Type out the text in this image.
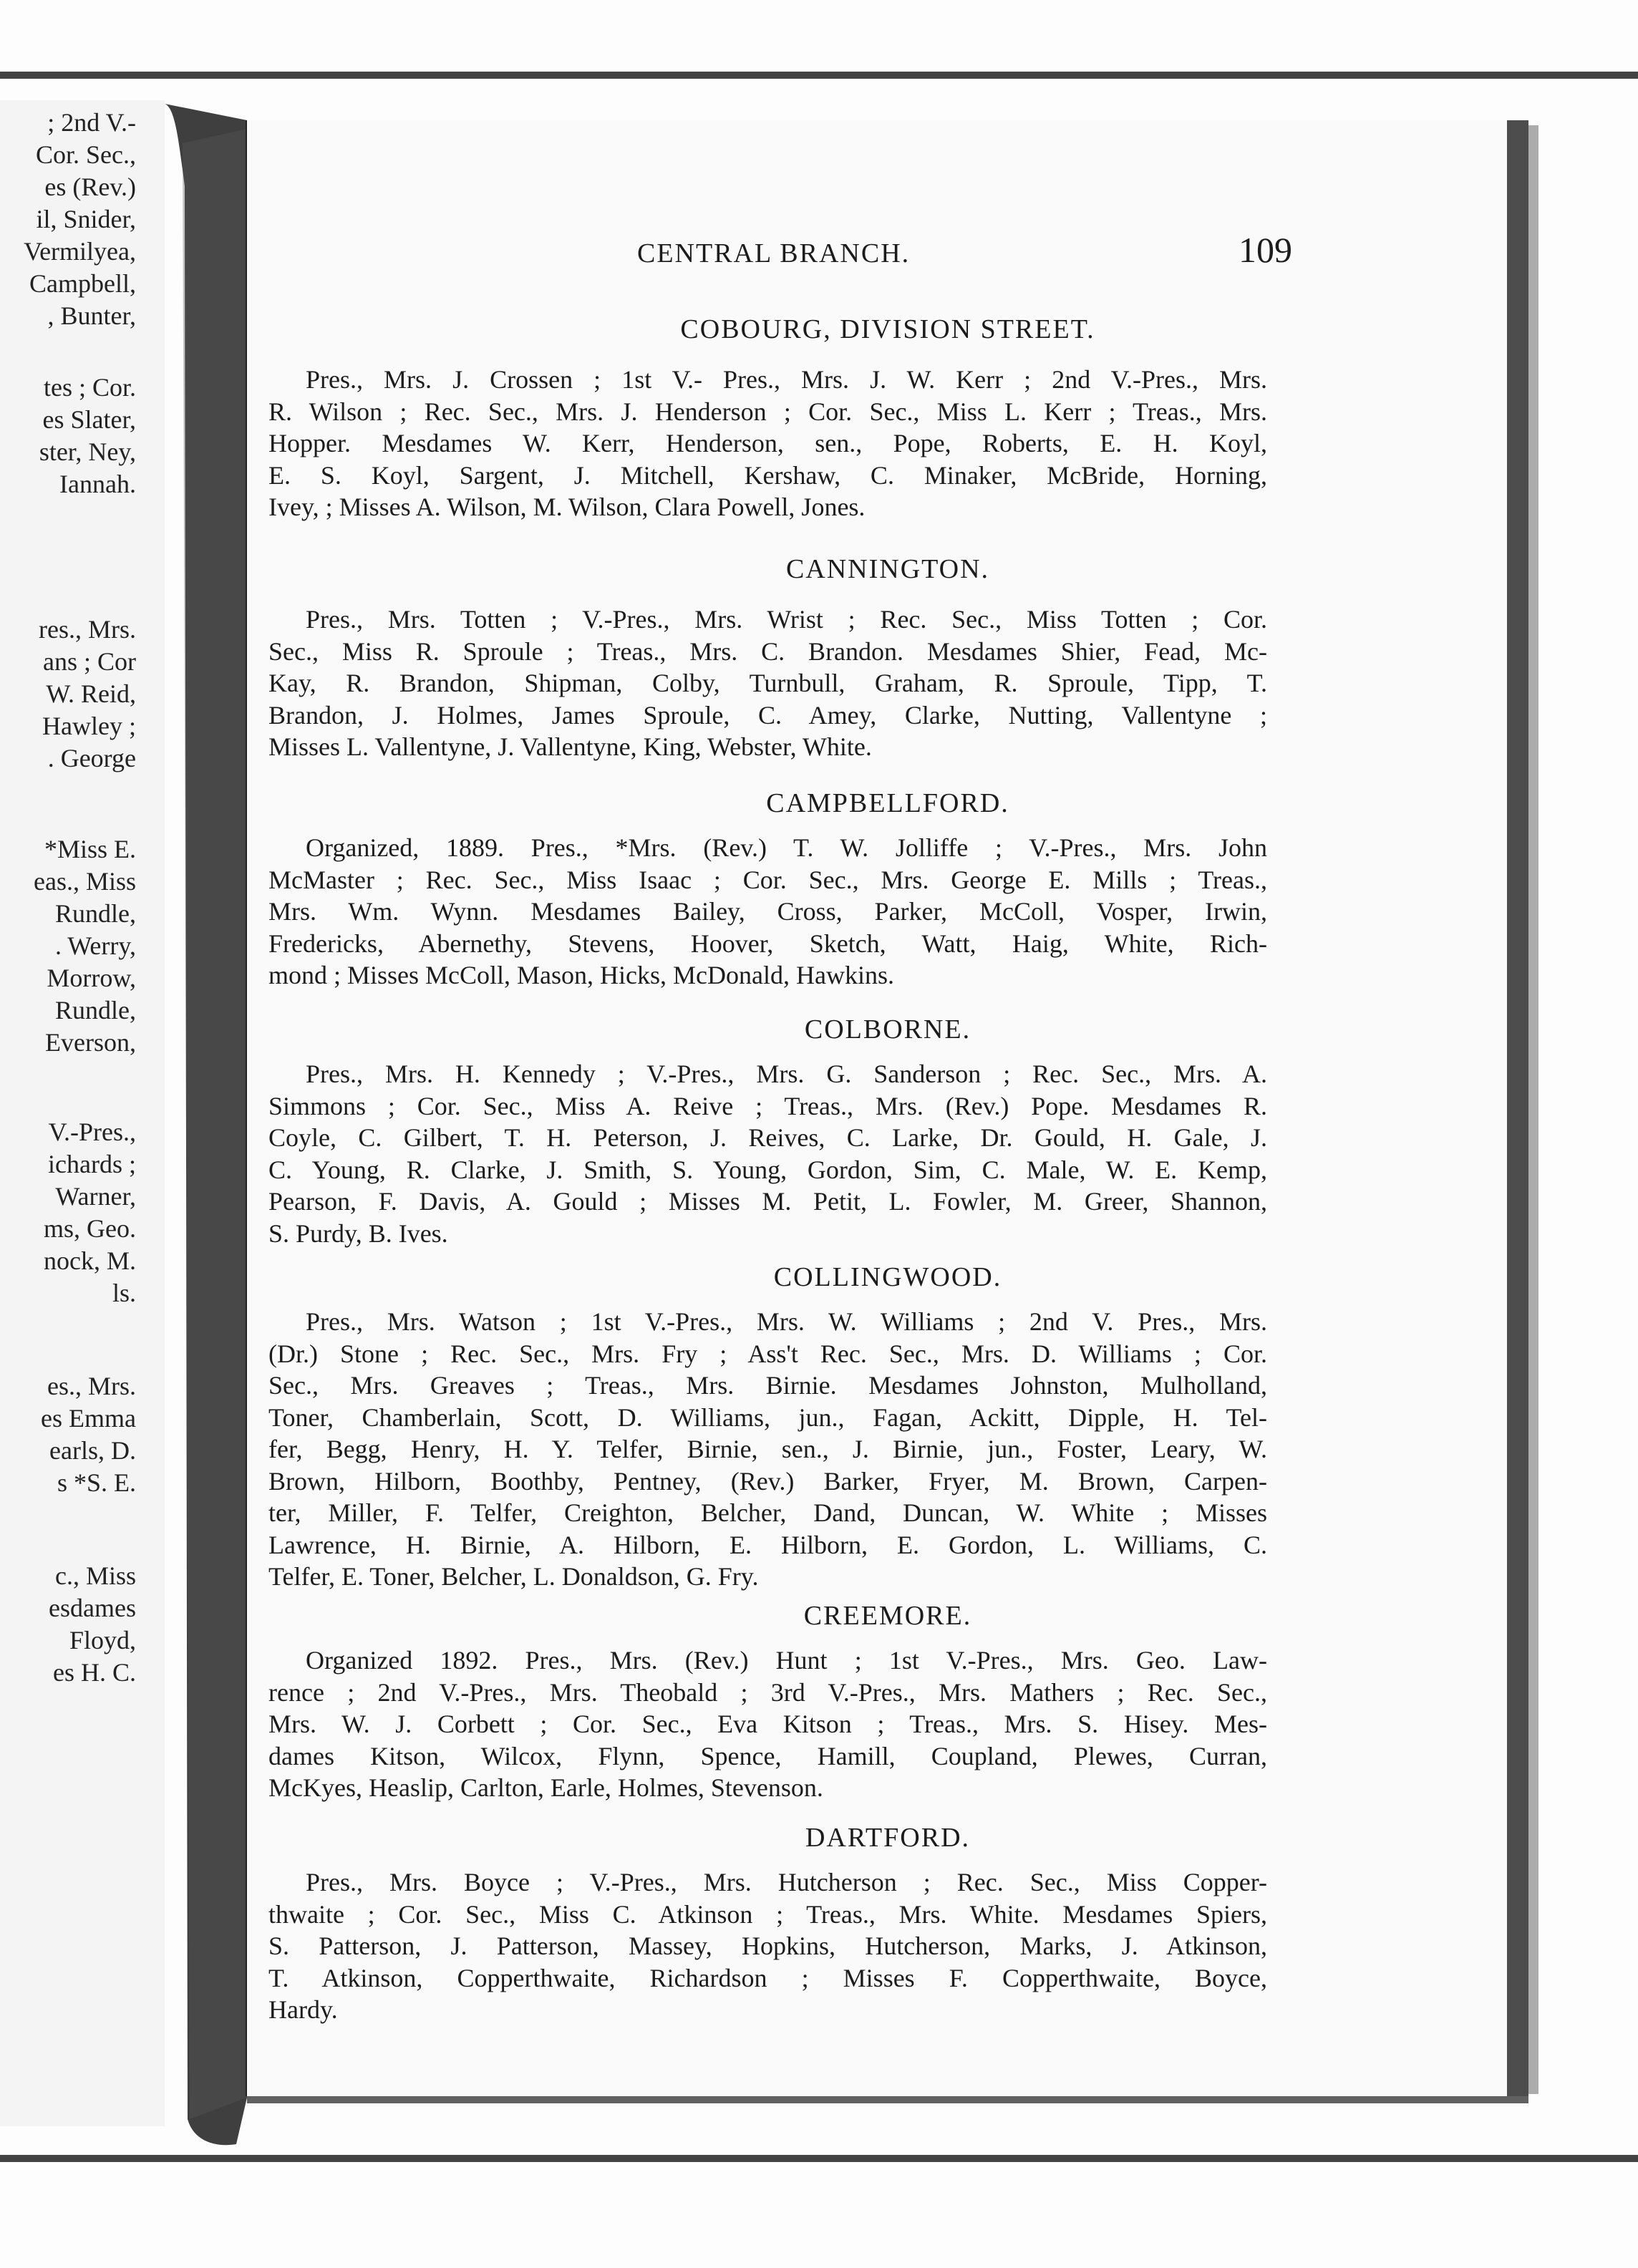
; 2nd V.-
Cor. Sec.,
es (Rev.)
il, Snider,
Vermilyea,
Campbell,
, Bunter,
tes ; Cor.
es Slater,
ster, Ney,
Iannah.
res., Mrs.
ans ; Cor
W. Reid,
Hawley ;
. George
*Miss E.
eas., Miss
Rundle,
. Werry,
Morrow,
Rundle,
Everson,
V.-Pres.,
ichards ;
Warner,
ms, Geo.
nock, M.
ls.
es., Mrs.
es Emma
earls, D.
s *S. E.
c., Miss
esdames
Floyd,
es H. C.
CENTRAL BRANCH.	109
COBOURG, DIVISION STREET.
Pres., Mrs. J. Crossen ; 1st V.- Pres., Mrs. J. W. Kerr ; 2nd V.-Pres., Mrs.
R. Wilson ; Rec. Sec., Mrs. J. Henderson ; Cor. Sec., Miss L. Kerr ; Treas., Mrs.
Hopper. Mesdames W. Kerr, Henderson, sen., Pope, Roberts, E. H. Koyl,
E. S. Koyl, Sargent, J. Mitchell, Kershaw, C. Minaker, McBride, Horning,
Ivey, ; Misses A. Wilson, M. Wilson, Clara Powell, Jones.
CANNINGTON.
Pres., Mrs. Totten ; V.-Pres., Mrs. Wrist ; Rec. Sec., Miss Totten ; Cor.
Sec., Miss R. Sproule ; Treas., Mrs. C. Brandon. Mesdames Shier, Fead, Mc-
Kay, R. Brandon, Shipman, Colby, Turnbull, Graham, R. Sproule, Tipp, T.
Brandon, J. Holmes, James Sproule, C. Amey, Clarke, Nutting, Vallentyne ;
Misses L. Vallentyne, J. Vallentyne, King, Webster, White.
CAMPBELLFORD.
Organized, 1889. Pres., *Mrs. (Rev.) T. W. Jolliffe ; V.-Pres., Mrs. John
McMaster ; Rec. Sec., Miss Isaac ; Cor. Sec., Mrs. George E. Mills ; Treas.,
Mrs. Wm. Wynn. Mesdames Bailey, Cross, Parker, McColl, Vosper, Irwin,
Fredericks, Abernethy, Stevens, Hoover, Sketch, Watt, Haig, White, Rich-
mond ; Misses McColl, Mason, Hicks, McDonald, Hawkins.
COLBORNE.
Pres., Mrs. H. Kennedy ; V.-Pres., Mrs. G. Sanderson ; Rec. Sec., Mrs. A.
Simmons ; Cor. Sec., Miss A. Reive ; Treas., Mrs. (Rev.) Pope. Mesdames R.
Coyle, C. Gilbert, T. H. Peterson, J. Reives, C. Larke, Dr. Gould, H. Gale, J.
C. Young, R. Clarke, J. Smith, S. Young, Gordon, Sim, C. Male, W. E. Kemp,
Pearson, F. Davis, A. Gould ; Misses M. Petit, L. Fowler, M. Greer, Shannon,
S. Purdy, B. Ives.
COLLINGWOOD.
Pres., Mrs. Watson ; 1st V.-Pres., Mrs. W. Williams ; 2nd V. Pres., Mrs.
(Dr.) Stone ; Rec. Sec., Mrs. Fry ; Ass't Rec. Sec., Mrs. D. Williams ; Cor.
Sec., Mrs. Greaves ; Treas., Mrs. Birnie. Mesdames Johnston, Mulholland,
Toner, Chamberlain, Scott, D. Williams, jun., Fagan, Ackitt, Dipple, H. Tel-
fer, Begg, Henry, H. Y. Telfer, Birnie, sen., J. Birnie, jun., Foster, Leary, W.
Brown, Hilborn, Boothby, Pentney, (Rev.) Barker, Fryer, M. Brown, Carpen-
ter, Miller, F. Telfer, Creighton, Belcher, Dand, Duncan, W. White ; Misses
Lawrence, H. Birnie, A. Hilborn, E. Hilborn, E. Gordon, L. Williams, C.
Telfer, E. Toner, Belcher, L. Donaldson, G. Fry.
CREEMORE.
Organized 1892. Pres., Mrs. (Rev.) Hunt ; 1st V.-Pres., Mrs. Geo. Law-
rence ; 2nd V.-Pres., Mrs. Theobald ; 3rd V.-Pres., Mrs. Mathers ; Rec. Sec.,
Mrs. W. J. Corbett ; Cor. Sec., Eva Kitson ; Treas., Mrs. S. Hisey. Mes-
dames Kitson, Wilcox, Flynn, Spence, Hamill, Coupland, Plewes, Curran,
McKyes, Heaslip, Carlton, Earle, Holmes, Stevenson.
DARTFORD.
Pres., Mrs. Boyce ; V.-Pres., Mrs. Hutcherson ; Rec. Sec., Miss Copper-
thwaite ; Cor. Sec., Miss C. Atkinson ; Treas., Mrs. White. Mesdames Spiers,
S. Patterson, J. Patterson, Massey, Hopkins, Hutcherson, Marks, J. Atkinson,
T. Atkinson, Copperthwaite, Richardson ; Misses F. Copperthwaite, Boyce,
Hardy.
